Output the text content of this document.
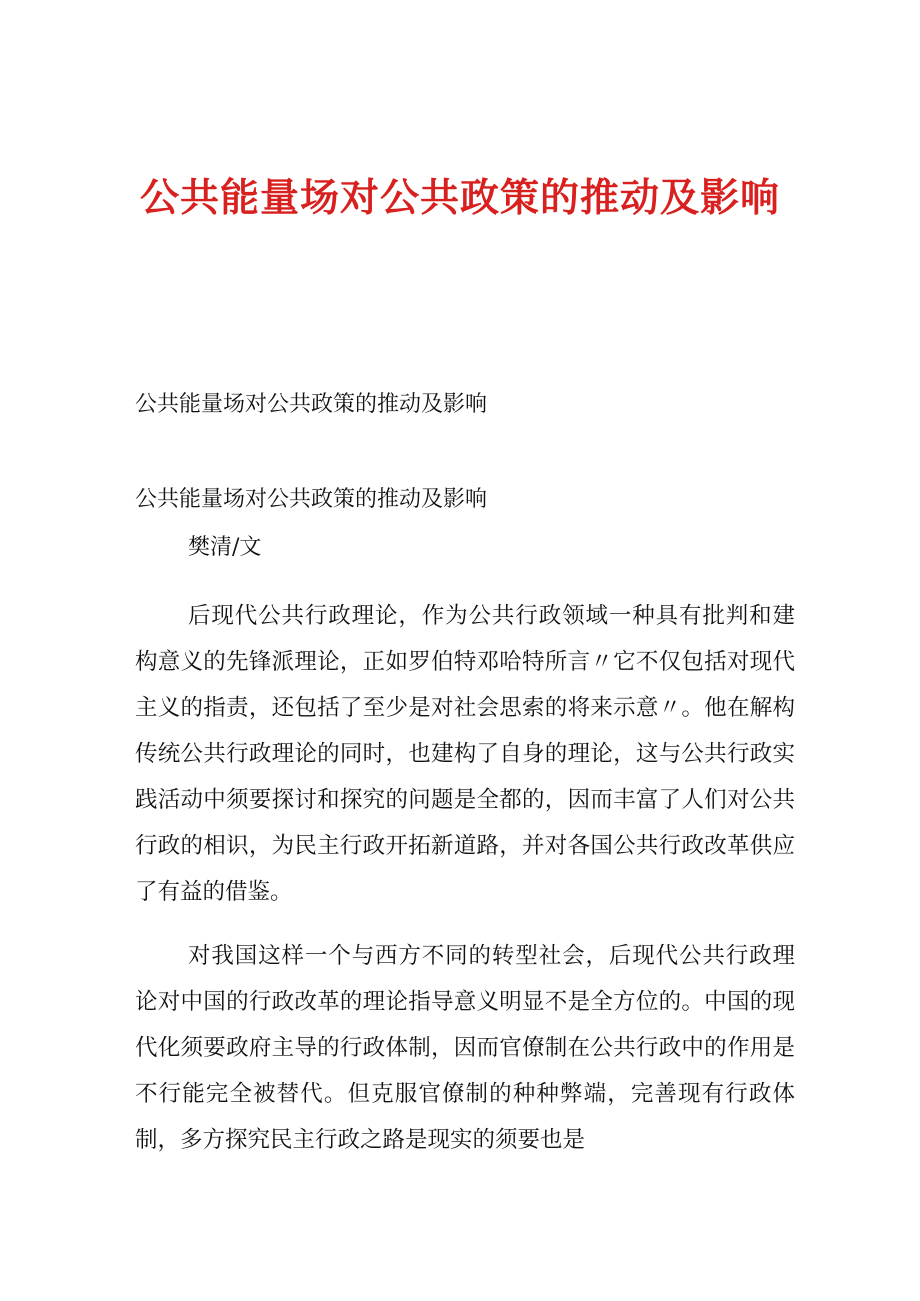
公共能量场对公共政策的推动及影响
公共能量场对公共政策的推动及影响
公共能量场对公共政策的推动及影响
樊清/文

后现代公共行政理论，作为公共行政领域一种具有批判和建构意义的先锋派理论，正如罗伯特邓哈特所言〃它不仅包括对现代主义的指责，还包括了至少是对社会思索的将来示意〃。他在解构传统公共行政理论的同时，也建构了自身的理论，这与公共行政实践活动中须要探讨和探究的问题是全都的，因而丰富了人们对公共行政的相识，为民主行政开拓新道路，并对各国公共行政改革供应了有益的借鉴。

对我国这样一个与西方不同的转型社会，后现代公共行政理论对中国的行政改革的理论指导意义明显不是全方位的。中国的现代化须要政府主导的行政体制，因而官僚制在公共行政中的作用是不行能完全被替代。但克服官僚制的种种弊端，完善现有行政体制，多方探究民主行政之路是现实的须要也是
